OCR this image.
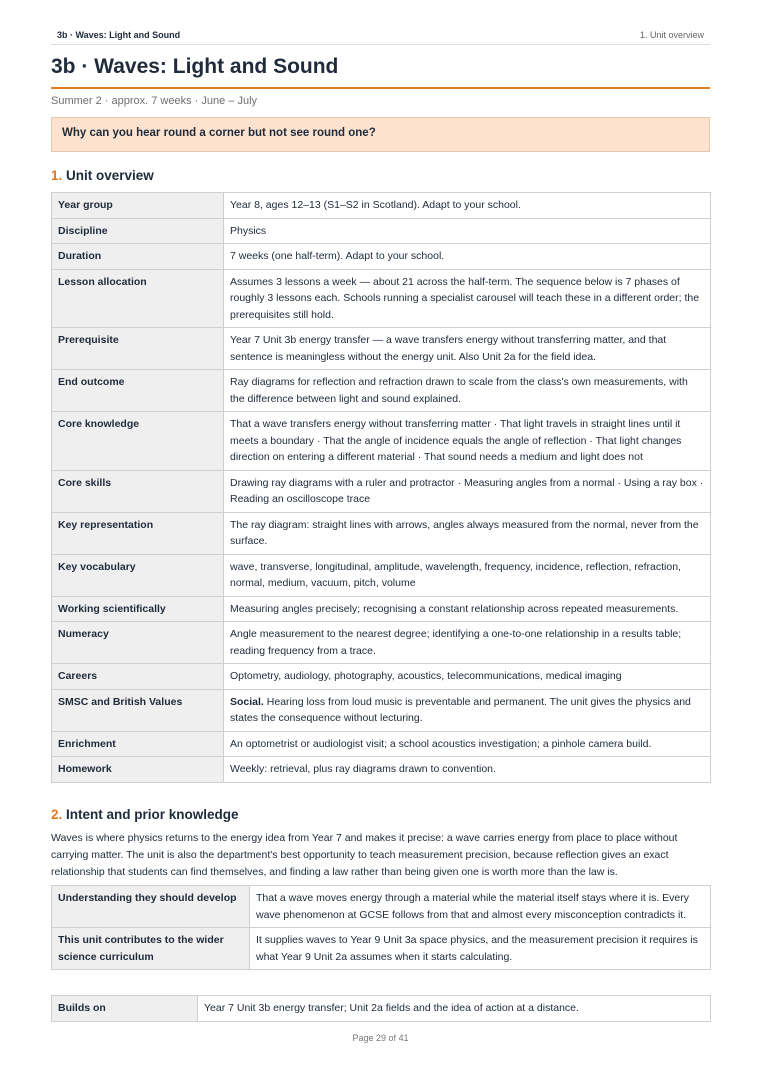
3b · Waves: Light and Sound	1. Unit overview
3b · Waves: Light and Sound
Summer 2 · approx. 7 weeks · June – July
Why can you hear round a corner but not see round one?
1. Unit overview
Year group	Year 8, ages 12–13 (S1–S2 in Scotland). Adapt to your school.
Discipline	Physics
Duration	7 weeks (one half-term). Adapt to your school.
Lesson allocation	Assumes 3 lessons a week — about 21 across the half-term. The sequence below is 7 phases of roughly 3 lessons each. Schools running a specialist carousel will teach these in a different order; the prerequisites still hold.
Prerequisite	Year 7 Unit 3b energy transfer — a wave transfers energy without transferring matter, and that sentence is meaningless without the energy unit. Also Unit 2a for the field idea.
End outcome	Ray diagrams for reflection and refraction drawn to scale from the class's own measurements, with the difference between light and sound explained.
Core knowledge	That a wave transfers energy without transferring matter · That light travels in straight lines until it meets a boundary · That the angle of incidence equals the angle of reflection · That light changes direction on entering a different material · That sound needs a medium and light does not
Core skills	Drawing ray diagrams with a ruler and protractor · Measuring angles from a normal · Using a ray box · Reading an oscilloscope trace
Key representation	The ray diagram: straight lines with arrows, angles always measured from the normal, never from the surface.
Key vocabulary	wave, transverse, longitudinal, amplitude, wavelength, frequency, incidence, reflection, refraction, normal, medium, vacuum, pitch, volume
Working scientifically	Measuring angles precisely; recognising a constant relationship across repeated measurements.
Numeracy	Angle measurement to the nearest degree; identifying a one-to-one relationship in a results table; reading frequency from a trace.
Careers	Optometry, audiology, photography, acoustics, telecommunications, medical imaging
SMSC and British Values	Social. Hearing loss from loud music is preventable and permanent. The unit gives the physics and states the consequence without lecturing.
Enrichment	An optometrist or audiologist visit; a school acoustics investigation; a pinhole camera build.
Homework	Weekly: retrieval, plus ray diagrams drawn to convention.
2. Intent and prior knowledge
Waves is where physics returns to the energy idea from Year 7 and makes it precise: a wave carries energy from place to place without carrying matter. The unit is also the department's best opportunity to teach measurement precision, because reflection gives an exact relationship that students can find themselves, and finding a law rather than being given one is worth more than the law is.
Understanding they should develop	That a wave moves energy through a material while the material itself stays where it is. Every wave phenomenon at GCSE follows from that and almost every misconception contradicts it.
This unit contributes to the wider science curriculum	It supplies waves to Year 9 Unit 3a space physics, and the measurement precision it requires is what Year 9 Unit 2a assumes when it starts calculating.
Builds on	Year 7 Unit 3b energy transfer; Unit 2a fields and the idea of action at a distance.
Page 29 of 41
